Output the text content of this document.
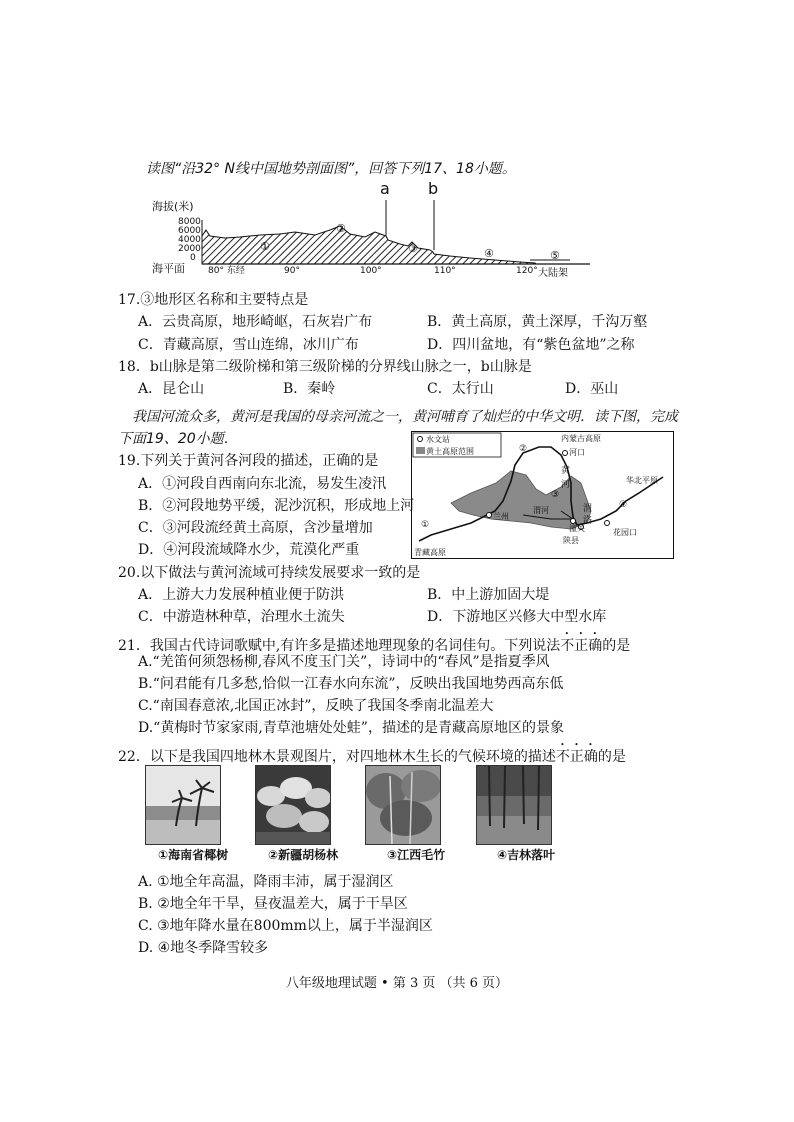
读图“沿32° N线中国地势剖面图”，回答下列17、18小题。
海拔(米)
8000
6000
4000
2000
0
a b
①
②
③	④	⑤
海平面	80° 东经	90°	100°	110°	120° 大陆架
17.③地形区名称和主要特点是
A．云贵高原，地形崎岖，石灰岩广布	B．黄土高原，黄土深厚，千沟万壑
C．青藏高原，雪山连绵，冰川广布	D．四川盆地，有“紫色盆地”之称
18．b山脉是第二级阶梯和第三级阶梯的分界线山脉之一，b山脉是
A．昆仑山	B．秦岭	C．太行山	D．巫山
我国河流众多，黄河是我国的母亲河流之一，黄河哺育了灿烂的中华文明．读下图，完成
下面19、20小题．	水文站
黄土高原范围
内蒙古高原
河口
华北平原
青藏高原
黄
河
渭
洛
渭河
兰州
潼关
陕县
花园口
①
②
③
④
19.下列关于黄河各河段的描述，正确的是
A．①河段自西南向东北流，易发生凌汛
B．②河段地势平缓，泥沙沉积，形成地上河
C．③河段流经黄土高原，含沙量增加
D．④河段流域降水少，荒漠化严重
20.以下做法与黄河流域可持续发展要求一致的是
A．上游大力发展种植业便于防洪	B．中上游加固大堤
C．中游造林种草，治理水土流失	D．下游地区兴修大中型水库
21．我国古代诗词歌赋中,有许多是描述地理现象的名词佳句。下列说法不正确的是
A.“羌笛何须怨杨柳,春风不度玉门关”，诗词中的“春风”是指夏季风
B.“问君能有几多愁,恰似一江春水向东流”，反映出我国地势西高东低
C.“南国春意浓,北国正冰封”，反映了我国冬季南北温差大
D.“黄梅时节家家雨,青草池塘处处蛙”，描述的是青藏高原地区的景象
22．以下是我国四地林木景观图片，对四地林木生长的气候环境的描述不正确的是
①海南省椰树	②新疆胡杨林	③江西毛竹	④吉林落叶
A. ①地全年高温，降雨丰沛，属于湿润区
B. ②地全年干旱，昼夜温差大，属于干旱区
C. ③地年降水量在800mm以上，属于半湿润区
D. ④地冬季降雪较多
八年级地理试题 • 第 3 页 （共 6 页）
